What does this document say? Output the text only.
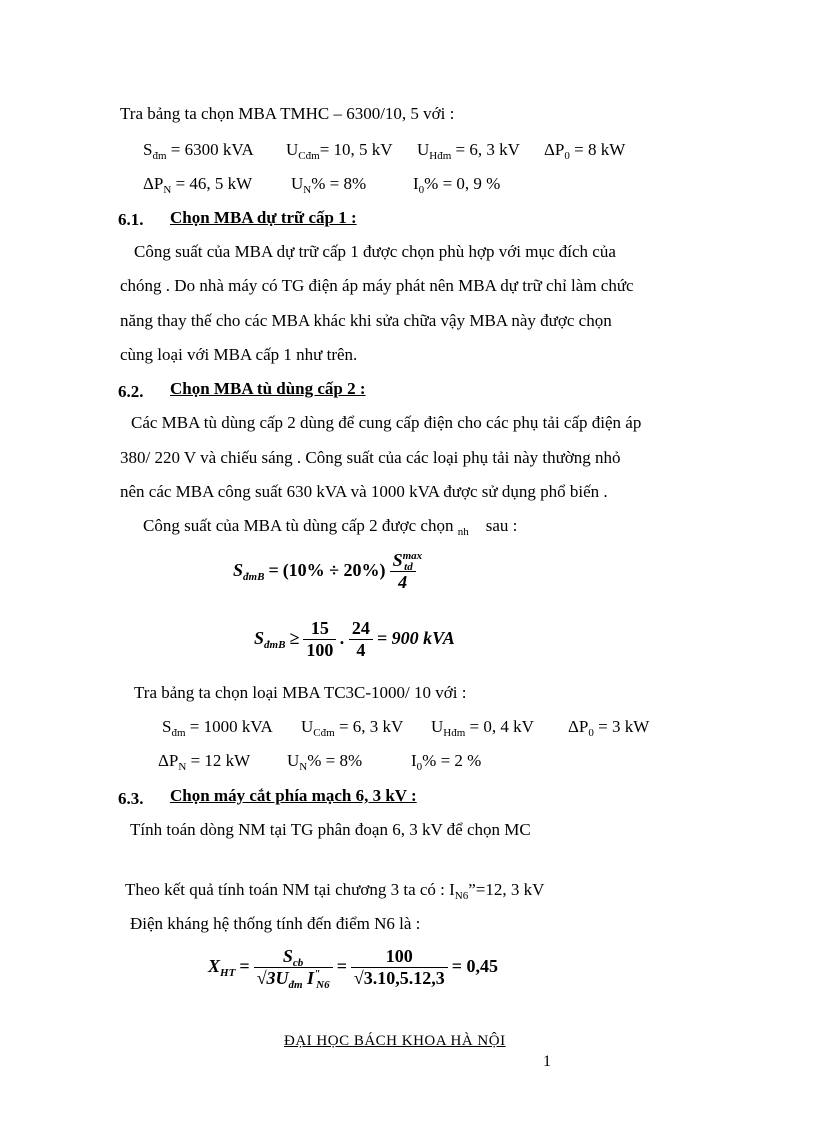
Tra bảng ta chọn MBA TMHC – 6300/10, 5 với :
$S_{đm} = 6300$ kVA $U_{Cđm}= 10$, 5 kV $U_{Hđm} = 6$, 3 kV $\Delta P_0 = 8$ kW
$\Delta P_N = 46$, 5 kW $U_N\% = 8\%$	$I_0\% = 0$, 9 %
6.1. Chọn MBA dự trữ cấp 1 :
Công suất của MBA dự trữ cấp 1 được chọn phù hợp với mục đích của
chóng . Do nhà máy có TG điện áp máy phát nên MBA dự trữ chỉ làm chức
năng thay thế cho các MBA khác khi sửa chữa vậy MBA này được chọn
cùng loại với MBA cấp 1 như trên.
6.2. Chọn MBA tù dùng cấp 2 :
Các MBA tù dùng cấp 2 dùng để cung cấp điện cho các phụ tải cấp điện áp
380/ 220 V và chiếu sáng . Công suất của các loại phụ tải này thường nhỏ
nên các MBA công suất 630 kVA và 1000 kVA được sử dụng phổ biến .
Công suất của MBA tù dùng cấp 2 được chọn $_{nh}$ sau :
$S_{đmB} = (10\% \div 20\%) \frac{S^{max}_{td}}{4}$
$S_{đmB} \ge \frac{15}{100}$ . $\frac{24}{4} = 900$ kVA
Tra bảng ta chọn loại MBA TC3C-1000/ 10 với :
$S_{đm} = 1000$ kVA $U_{Cđm} = 6$, 3 kV $U_{Hđm} = 0$, 4 kV $\Delta P_0 = 3$ kW
$\Delta P_N = 12$ kW $U_N\% = 8\%$	$I_0\% = 2$ %
6.3. Chọn máy cắt phía mạch 6, 3 kV :
Tính toán dòng NM tại TG phân đoạn 6, 3 kV để chọn MC
Theo kết quả tính toán NM tại chương 3 ta có : $I_{N6}”=12$, 3 kV
Điện kháng hệ thống tính đến điểm N6 là :
$X_{HT} = \frac{S_{cb}}{√3U_{đm} I^"_{N6}} = \frac{100}{√3.10,5.12,3} = 0,45$
ĐẠI HỌC BÁCH KHOA HÀ NỘI
1
